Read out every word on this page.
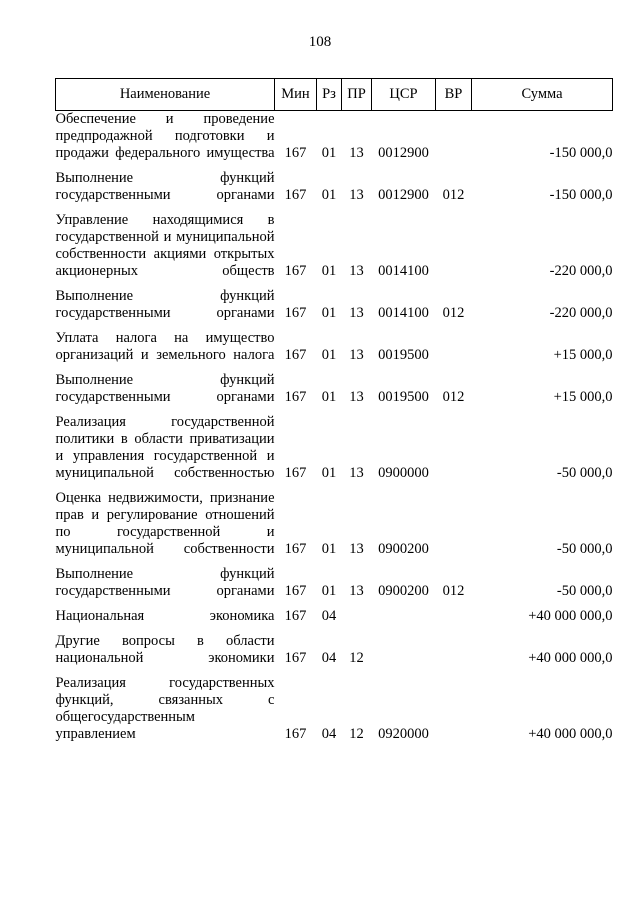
108
Наименование	Мин	Рз	ПР	ЦСР	ВР	Сумма
Обеспечение и проведение предпродажной подготовки и продажи федерального имущества	167	01	13	0012900		-150 000,0
Выполнение функций государственными органами	167	01	13	0012900	012	-150 000,0
Управление находящимися в государственной и муниципальной собственности акциями открытых акционерных обществ	167	01	13	0014100		-220 000,0
Выполнение функций государственными органами	167	01	13	0014100	012	-220 000,0
Уплата налога на имущество организаций и земельного налога	167	01	13	0019500		+15 000,0
Выполнение функций государственными органами	167	01	13	0019500	012	+15 000,0
Реализация государственной политики в области приватизации и управления государственной и муниципальной собственностью	167	01	13	0900000		-50 000,0
Оценка недвижимости, признание прав и регулирование отношений по государственной и муниципальной собственности	167	01	13	0900200		-50 000,0
Выполнение функций государственными органами	167	01	13	0900200	012	-50 000,0
Национальная экономика	167	04				+40 000 000,0
Другие вопросы в области национальной экономики	167	04	12			+40 000 000,0
Реализация государственных функций, связанных с общегосударственным управлением	167	04	12	0920000		+40 000 000,0
